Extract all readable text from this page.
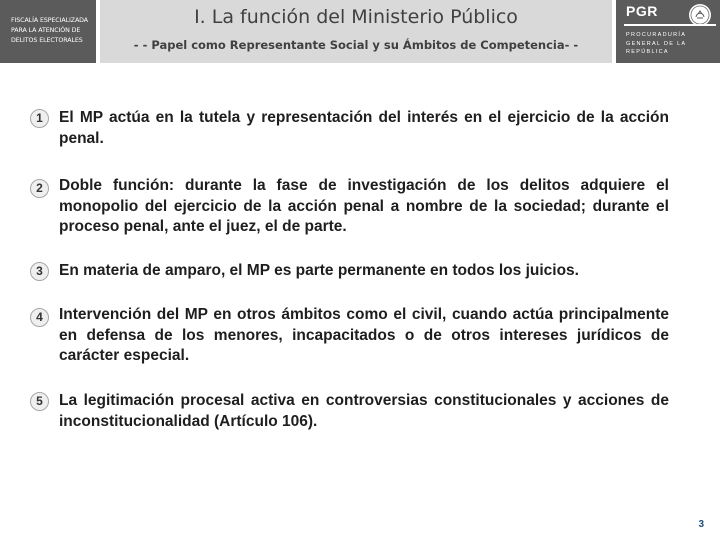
FISCALÍA ESPECIALIZADA PARA LA ATENCIÓN DE DELITOS ELECTORALES
I. La función del Ministerio Público
- - Papel como Representante Social y su Ámbitos de Competencia- -
PGR
PROCURADURÍA GENERAL DE LA REPÚBLICA
1	El MP actúa en la tutela y representación del interés en el ejercicio de la acción penal.
2	Doble función: durante la fase de investigación de los delitos adquiere el monopolio del ejercicio de la acción penal a nombre de la sociedad; durante el proceso penal, ante el juez, el de parte.
3	En materia de amparo, el MP es parte permanente en todos los juicios.
4	Intervención del MP en otros ámbitos como el civil, cuando actúa principalmente en defensa de los menores, incapacitados o de otros intereses jurídicos de carácter especial.
5	La legitimación procesal activa en controversias constitucionales y acciones de inconstitucionalidad (Artículo 106).
3
